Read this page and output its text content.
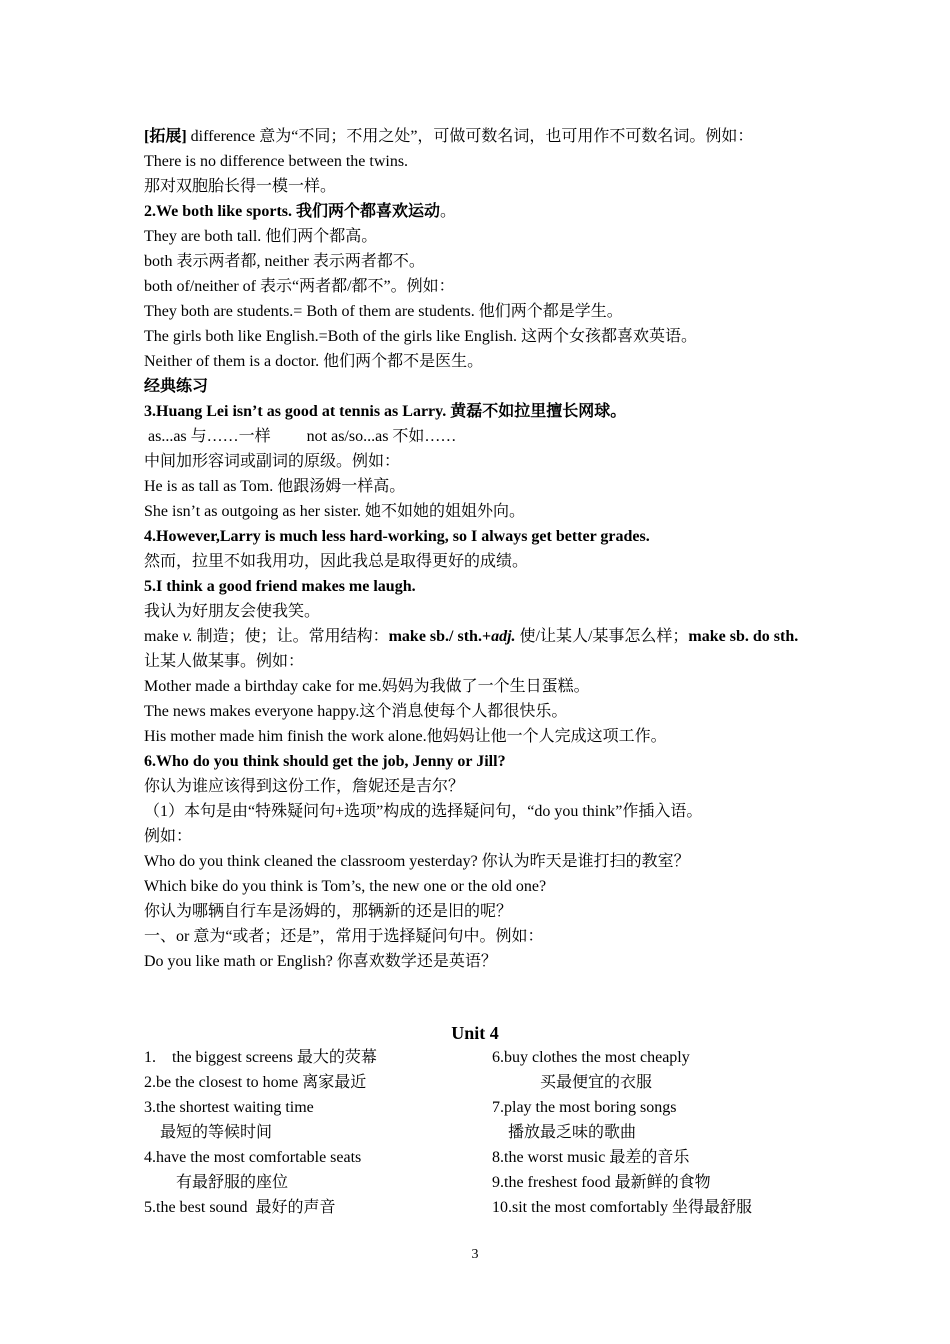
[拓展] difference 意为“不同；不用之处”，可做可数名词，也可用作不可数名词。例如：
There is no difference between the twins.
那对双胞胎长得一模一样。
2.We both like sports. 我们两个都喜欢运动。
They are both tall. 他们两个都高。
both 表示两者都, neither 表示两者都不。
both of/neither of 表示“两者都/都不”。例如：
They both are students.= Both of them are students. 他们两个都是学生。
The girls both like English.=Both of the girls like English. 这两个女孩都喜欢英语。
Neither of them is a doctor. 他们两个都不是医生。
经典练习
3.Huang Lei isn’t as good at tennis as Larry. 黄磊不如拉里擅长网球。
as...as 与……一样         not as/so...as 不如……
中间加形容词或副词的原级。例如：
He is as tall as Tom. 他跟汤姆一样高。
She isn’t as outgoing as her sister. 她不如她的姐姐外向。
4.However,Larry is much less hard-working, so I always get better grades.
然而，拉里不如我用功，因此我总是取得更好的成绩。
5.I think a good friend makes me laugh.
我认为好朋友会使我笑。
make v. 制造；使；让。常用结构：make sb./ sth.+adj. 使/让某人/某事怎么样；make sb. do sth.
让某人做某事。例如：
Mother made a birthday cake for me.妈妈为我做了一个生日蛋糕。
The news makes everyone happy.这个消息使每个人都很快乐。
His mother made him finish the work alone.他妈妈让他一个人完成这项工作。
6.Who do you think should get the job, Jenny or Jill?
你认为谁应该得到这份工作，詹妮还是吉尔？
（1）本句是由“特殊疑问句+选项”构成的选择疑问句，“do you think”作插入语。
例如：
Who do you think cleaned the classroom yesterday? 你认为昨天是谁打扫的教室？
Which bike do you think is Tom’s, the new one or the old one?
你认为哪辆自行车是汤姆的，那辆新的还是旧的呢？
一、or 意为“或者；还是”，常用于选择疑问句中。例如：
Do you like math or English? 你喜欢数学还是英语？
Unit 4
1.    the biggest screens 最大的荧幕
2.be the closest to home 离家最近
3.the shortest waiting time
最短的等候时间
4.have the most comfortable seats
有最舒服的座位
5.the best sound  最好的声音
6.buy clothes the most cheaply
买最便宜的衣服
7.play the most boring songs
播放最乏味的歌曲
8.the worst music 最差的音乐
9.the freshest food 最新鲜的食物
10.sit the most comfortably 坐得最舒服
3
